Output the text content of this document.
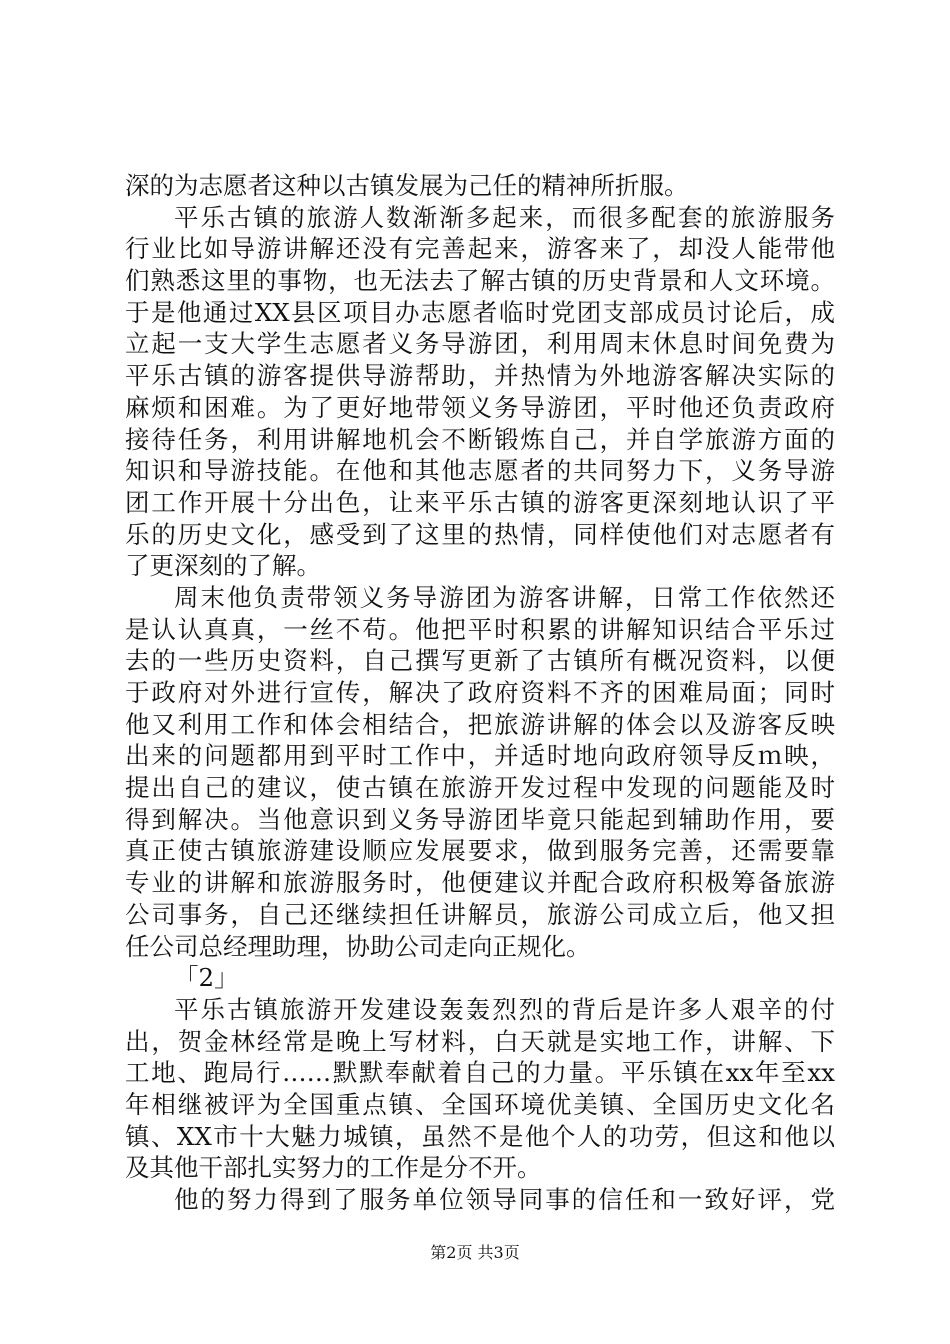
深的为志愿者这种以古镇发展为己任的精神所折服。
平乐古镇的旅游人数渐渐多起来，而很多配套的旅游服务
行业比如导游讲解还没有完善起来，游客来了，却没人能带他
们熟悉这里的事物，也无法去了解古镇的历史背景和人文环境。
于是他通过XX县区项目办志愿者临时党团支部成员讨论后，成
立起一支大学生志愿者义务导游团，利用周末休息时间免费为
平乐古镇的游客提供导游帮助，并热情为外地游客解决实际的
麻烦和困难。为了更好地带领义务导游团，平时他还负责政府
接待任务，利用讲解地机会不断锻炼自己，并自学旅游方面的
知识和导游技能。在他和其他志愿者的共同努力下，义务导游
团工作开展十分出色，让来平乐古镇的游客更深刻地认识了平
乐的历史文化，感受到了这里的热情，同样使他们对志愿者有
了更深刻的了解。
周末他负责带领义务导游团为游客讲解，日常工作依然还
是认认真真，一丝不苟。他把平时积累的讲解知识结合平乐过
去的一些历史资料，自己撰写更新了古镇所有概况资料，以便
于政府对外进行宣传，解决了政府资料不齐的困难局面；同时
他又利用工作和体会相结合，把旅游讲解的体会以及游客反映
出来的问题都用到平时工作中，并适时地向政府领导反ｍ映，
提出自己的建议，使古镇在旅游开发过程中发现的问题能及时
得到解决。当他意识到义务导游团毕竟只能起到辅助作用，要
真正使古镇旅游建设顺应发展要求，做到服务完善，还需要靠
专业的讲解和旅游服务时，他便建议并配合政府积极筹备旅游
公司事务，自己还继续担任讲解员，旅游公司成立后，他又担
任公司总经理助理，协助公司走向正规化。
「2」
平乐古镇旅游开发建设轰轰烈烈的背后是许多人艰辛的付
出，贺金林经常是晚上写材料，白天就是实地工作，讲解、下
工地、跑局行……默默奉献着自己的力量。平乐镇在xx年至xx
年相继被评为全国重点镇、全国环境优美镇、全国历史文化名
镇、XX市十大魅力城镇，虽然不是他个人的功劳，但这和他以
及其他干部扎实努力的工作是分不开。
他的努力得到了服务单位领导同事的信任和一致好评，党
第2页 共3页
